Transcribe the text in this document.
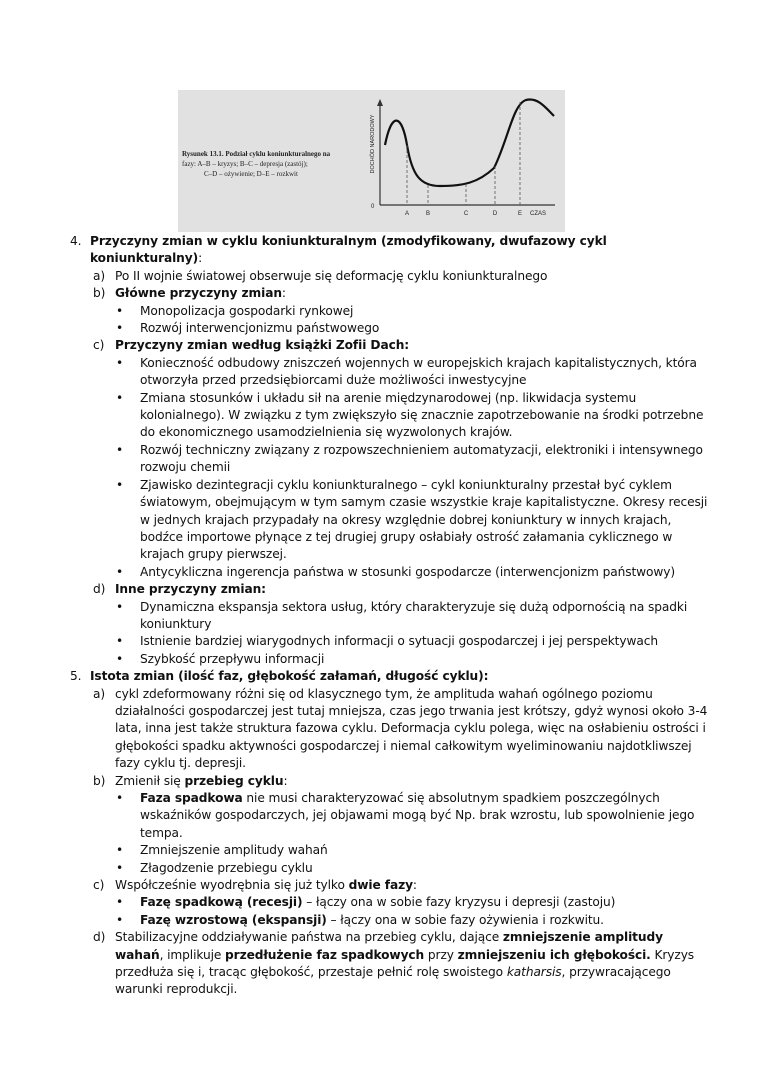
Rysunek 13.1. Podział cyklu koniunkturalnego na
fazy: A–B – kryzys; B–C – depresja (zastój);
C–D – ożywienie; D–E – rozkwit
DOCHÓD NARODOWY
0
A	B	C	D	E CZAS
4. Przyczyny zmian w cyklu koniunkturalnym (zmodyfikowany, dwufazowy cykl koniunkturalny):
a) Po II wojnie światowej obserwuje się deformację cyklu koniunkturalnego
b) Główne przyczyny zmian:
• Monopolizacja gospodarki rynkowej
• Rozwój interwencjonizmu państwowego
c) Przyczyny zmian według książki Zofii Dach:
• Konieczność odbudowy zniszczeń wojennych w europejskich krajach kapitalistycznych, która otworzyła przed przedsiębiorcami duże możliwości inwestycyjne
• Zmiana stosunków i układu sił na arenie międzynarodowej (np. likwidacja systemu kolonialnego). W związku z tym zwiększyło się znacznie zapotrzebowanie na środki potrzebne do ekonomicznego usamodzielnienia się wyzwolonych krajów.
• Rozwój techniczny związany z rozpowszechnieniem automatyzacji, elektroniki i intensywnego rozwoju chemii
• Zjawisko dezintegracji cyklu koniunkturalnego – cykl koniunkturalny przestał być cyklem światowym, obejmującym w tym samym czasie wszystkie kraje kapitalistyczne. Okresy recesji w jednych krajach przypadały na okresy względnie dobrej koniunktury w innych krajach, bodźce importowe płynące z tej drugiej grupy osłabiały ostrość załamania cyklicznego w krajach grupy pierwszej.
• Antycykliczna ingerencja państwa w stosunki gospodarcze (interwencjonizm państwowy)
d) Inne przyczyny zmian:
• Dynamiczna ekspansja sektora usług, który charakteryzuje się dużą odpornością na spadki koniunktury
• Istnienie bardziej wiarygodnych informacji o sytuacji gospodarczej i jej perspektywach
• Szybkość przepływu informacji
5. Istota zmian (ilość faz, głębokość załamań, długość cyklu):
a) cykl zdeformowany różni się od klasycznego tym, że amplituda wahań ogólnego poziomu działalności gospodarczej jest tutaj mniejsza, czas jego trwania jest krótszy, gdyż wynosi około 3-4 lata, inna jest także struktura fazowa cyklu. Deformacja cyklu polega, więc na osłabieniu ostrości i głębokości spadku aktywności gospodarczej i niemal całkowitym wyeliminowaniu najdotkliwszej fazy cyklu tj. depresji.
b) Zmienił się przebieg cyklu:
• Faza spadkowa nie musi charakteryzować się absolutnym spadkiem poszczególnych wskaźników gospodarczych, jej objawami mogą być Np. brak wzrostu, lub spowolnienie jego tempa.
• Zmniejszenie amplitudy wahań
• Złagodzenie przebiegu cyklu
c) Współcześnie wyodrębnia się już tylko dwie fazy:
• Fazę spadkową (recesji) – łączy ona w sobie fazy kryzysu i depresji (zastoju)
• Fazę wzrostową (ekspansji) – łączy ona w sobie fazy ożywienia i rozkwitu.
d) Stabilizacyjne oddziaływanie państwa na przebieg cyklu, dające zmniejszenie amplitudy wahań, implikuje przedłużenie faz spadkowych przy zmniejszeniu ich głębokości. Kryzys przedłuża się i, tracąc głębokość, przestaje pełnić rolę swoistego katharsis, przywracającego warunki reprodukcji.
